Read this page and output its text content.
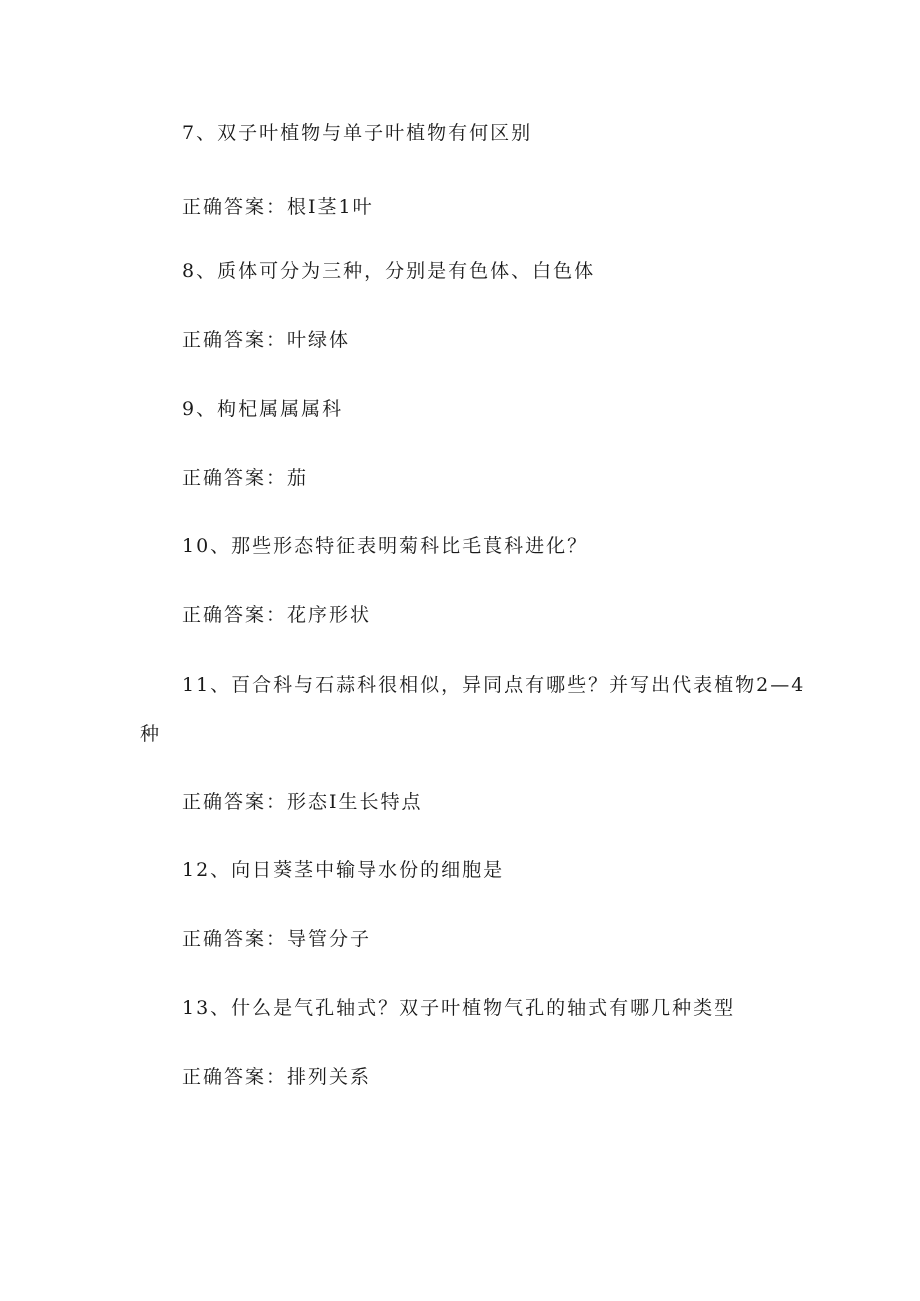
7、双子叶植物与单子叶植物有何区别
正确答案：根Ⅰ茎1叶
8、质体可分为三种，分别是有色体、白色体
正确答案：叶绿体
9、枸杞属属属科
正确答案：茄
10、那些形态特征表明菊科比毛茛科进化？
正确答案：花序形状
11、百合科与石蒜科很相似，异同点有哪些？并写出代表植物2—4
种
正确答案：形态Ⅰ生长特点
12、向日葵茎中输导水份的细胞是
正确答案：导管分子
13、什么是气孔轴式？双子叶植物气孔的轴式有哪几种类型
正确答案：排列关系
